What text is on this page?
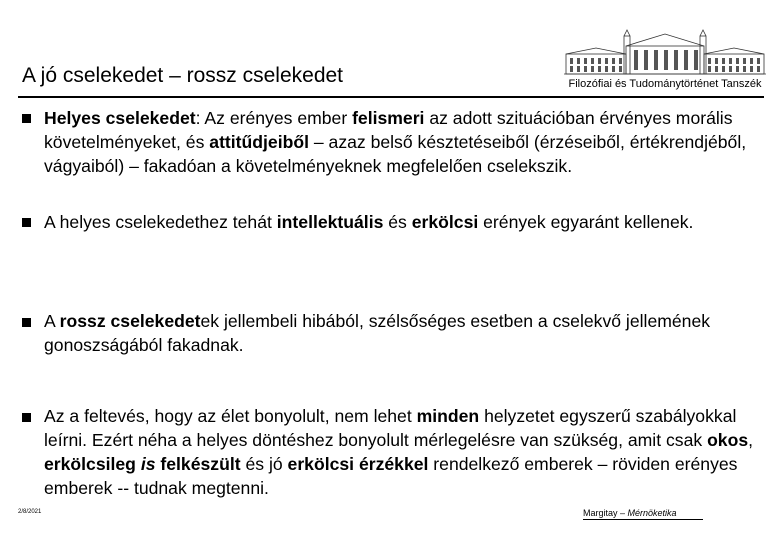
A jó cselekedet – rossz cselekedet	Filozófiai és Tudománytörténet Tanszék
Helyes cselekedet: Az erényes ember felismeri az adott szituációban érvényes morális követelményeket, és attitűdjeiből – azaz belső késztetéseiből (érzéseiből, értékrendjéből, vágyaiból) – fakadóan a követelményeknek megfelelően cselekszik.
A helyes cselekedethez tehát intellektuális és erkölcsi erények egyaránt kellenek.
A rossz cselekedetek jellembeli hibából, szélsőséges esetben a cselekvő jellemének gonoszságából fakadnak.
Az a feltevés, hogy az élet bonyolult, nem lehet minden helyzetet egyszerű szabályokkal leírni. Ezért néha a helyes döntéshez bonyolult mérlegelésre van szükség, amit csak okos, erkölcsileg is felkészült és jó erkölcsi érzékkel rendelkező emberek – röviden erényes emberek -- tudnak megtenni.
2/8/2021	Margitay – Mérnöketika
